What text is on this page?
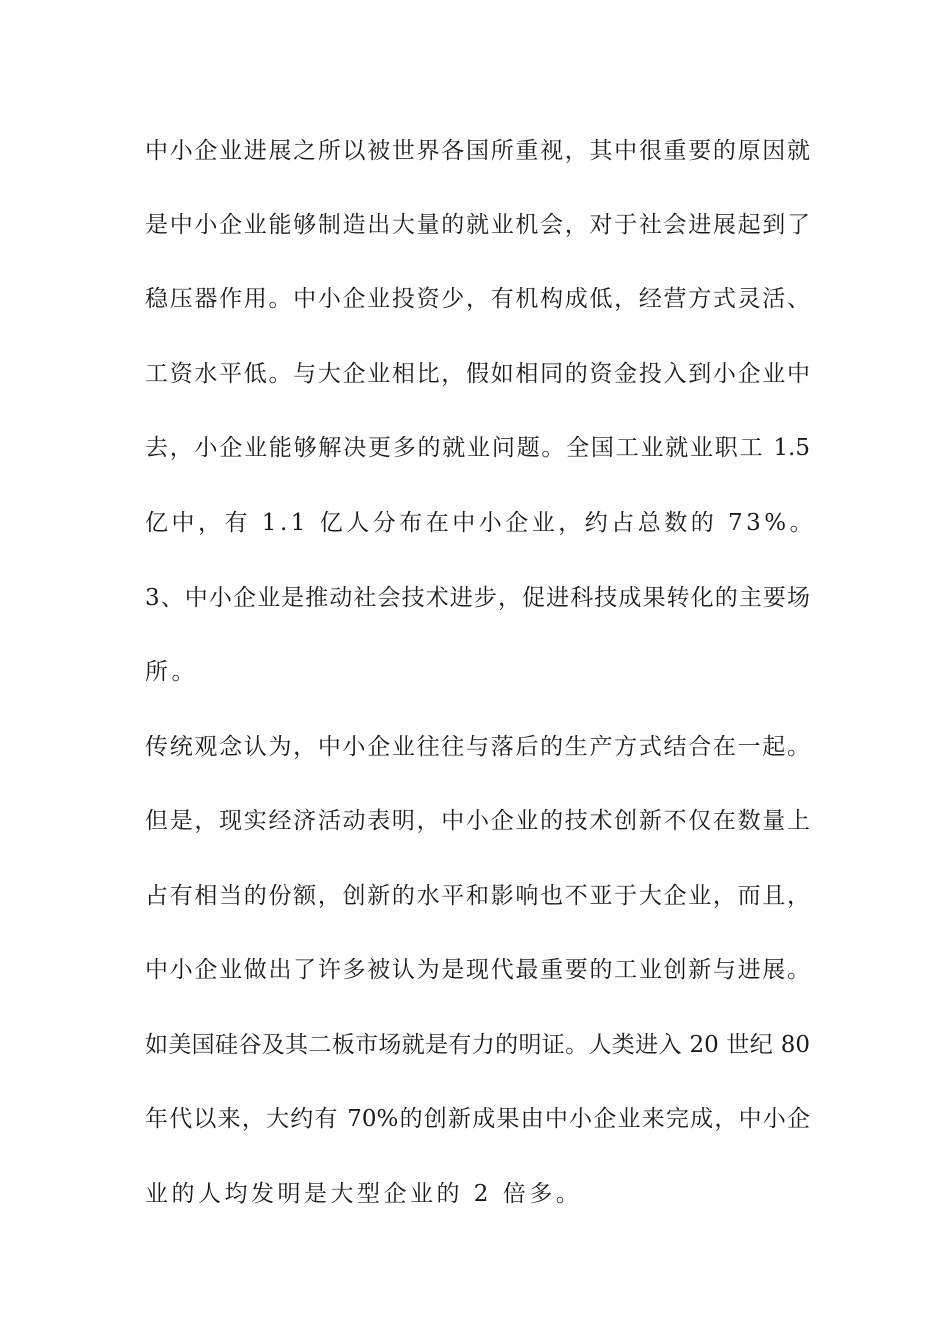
中小企业进展之所以被世界各国所重视，其中很重要的原因就
是中小企业能够制造出大量的就业机会，对于社会进展起到了
稳压器作用。中小企业投资少，有机构成低，经营方式灵活、
工资水平低。与大企业相比，假如相同的资金投入到小企业中
去，小企业能够解决更多的就业问题。全国工业就业职工 1.5
亿中，有 1.1 亿人分布在中小企业，约占总数的 73%。
3、中小企业是推动社会技术进步，促进科技成果转化的主要场
所。
传统观念认为，中小企业往往与落后的生产方式结合在一起。
但是，现实经济活动表明，中小企业的技术创新不仅在数量上
占有相当的份额，创新的水平和影响也不亚于大企业，而且，
中小企业做出了许多被认为是现代最重要的工业创新与进展。
如美国硅谷及其二板市场就是有力的明证。人类进入 20 世纪 80
年代以来，大约有 70%的创新成果由中小企业来完成，中小企
业的人均发明是大型企业的 2 倍多。
